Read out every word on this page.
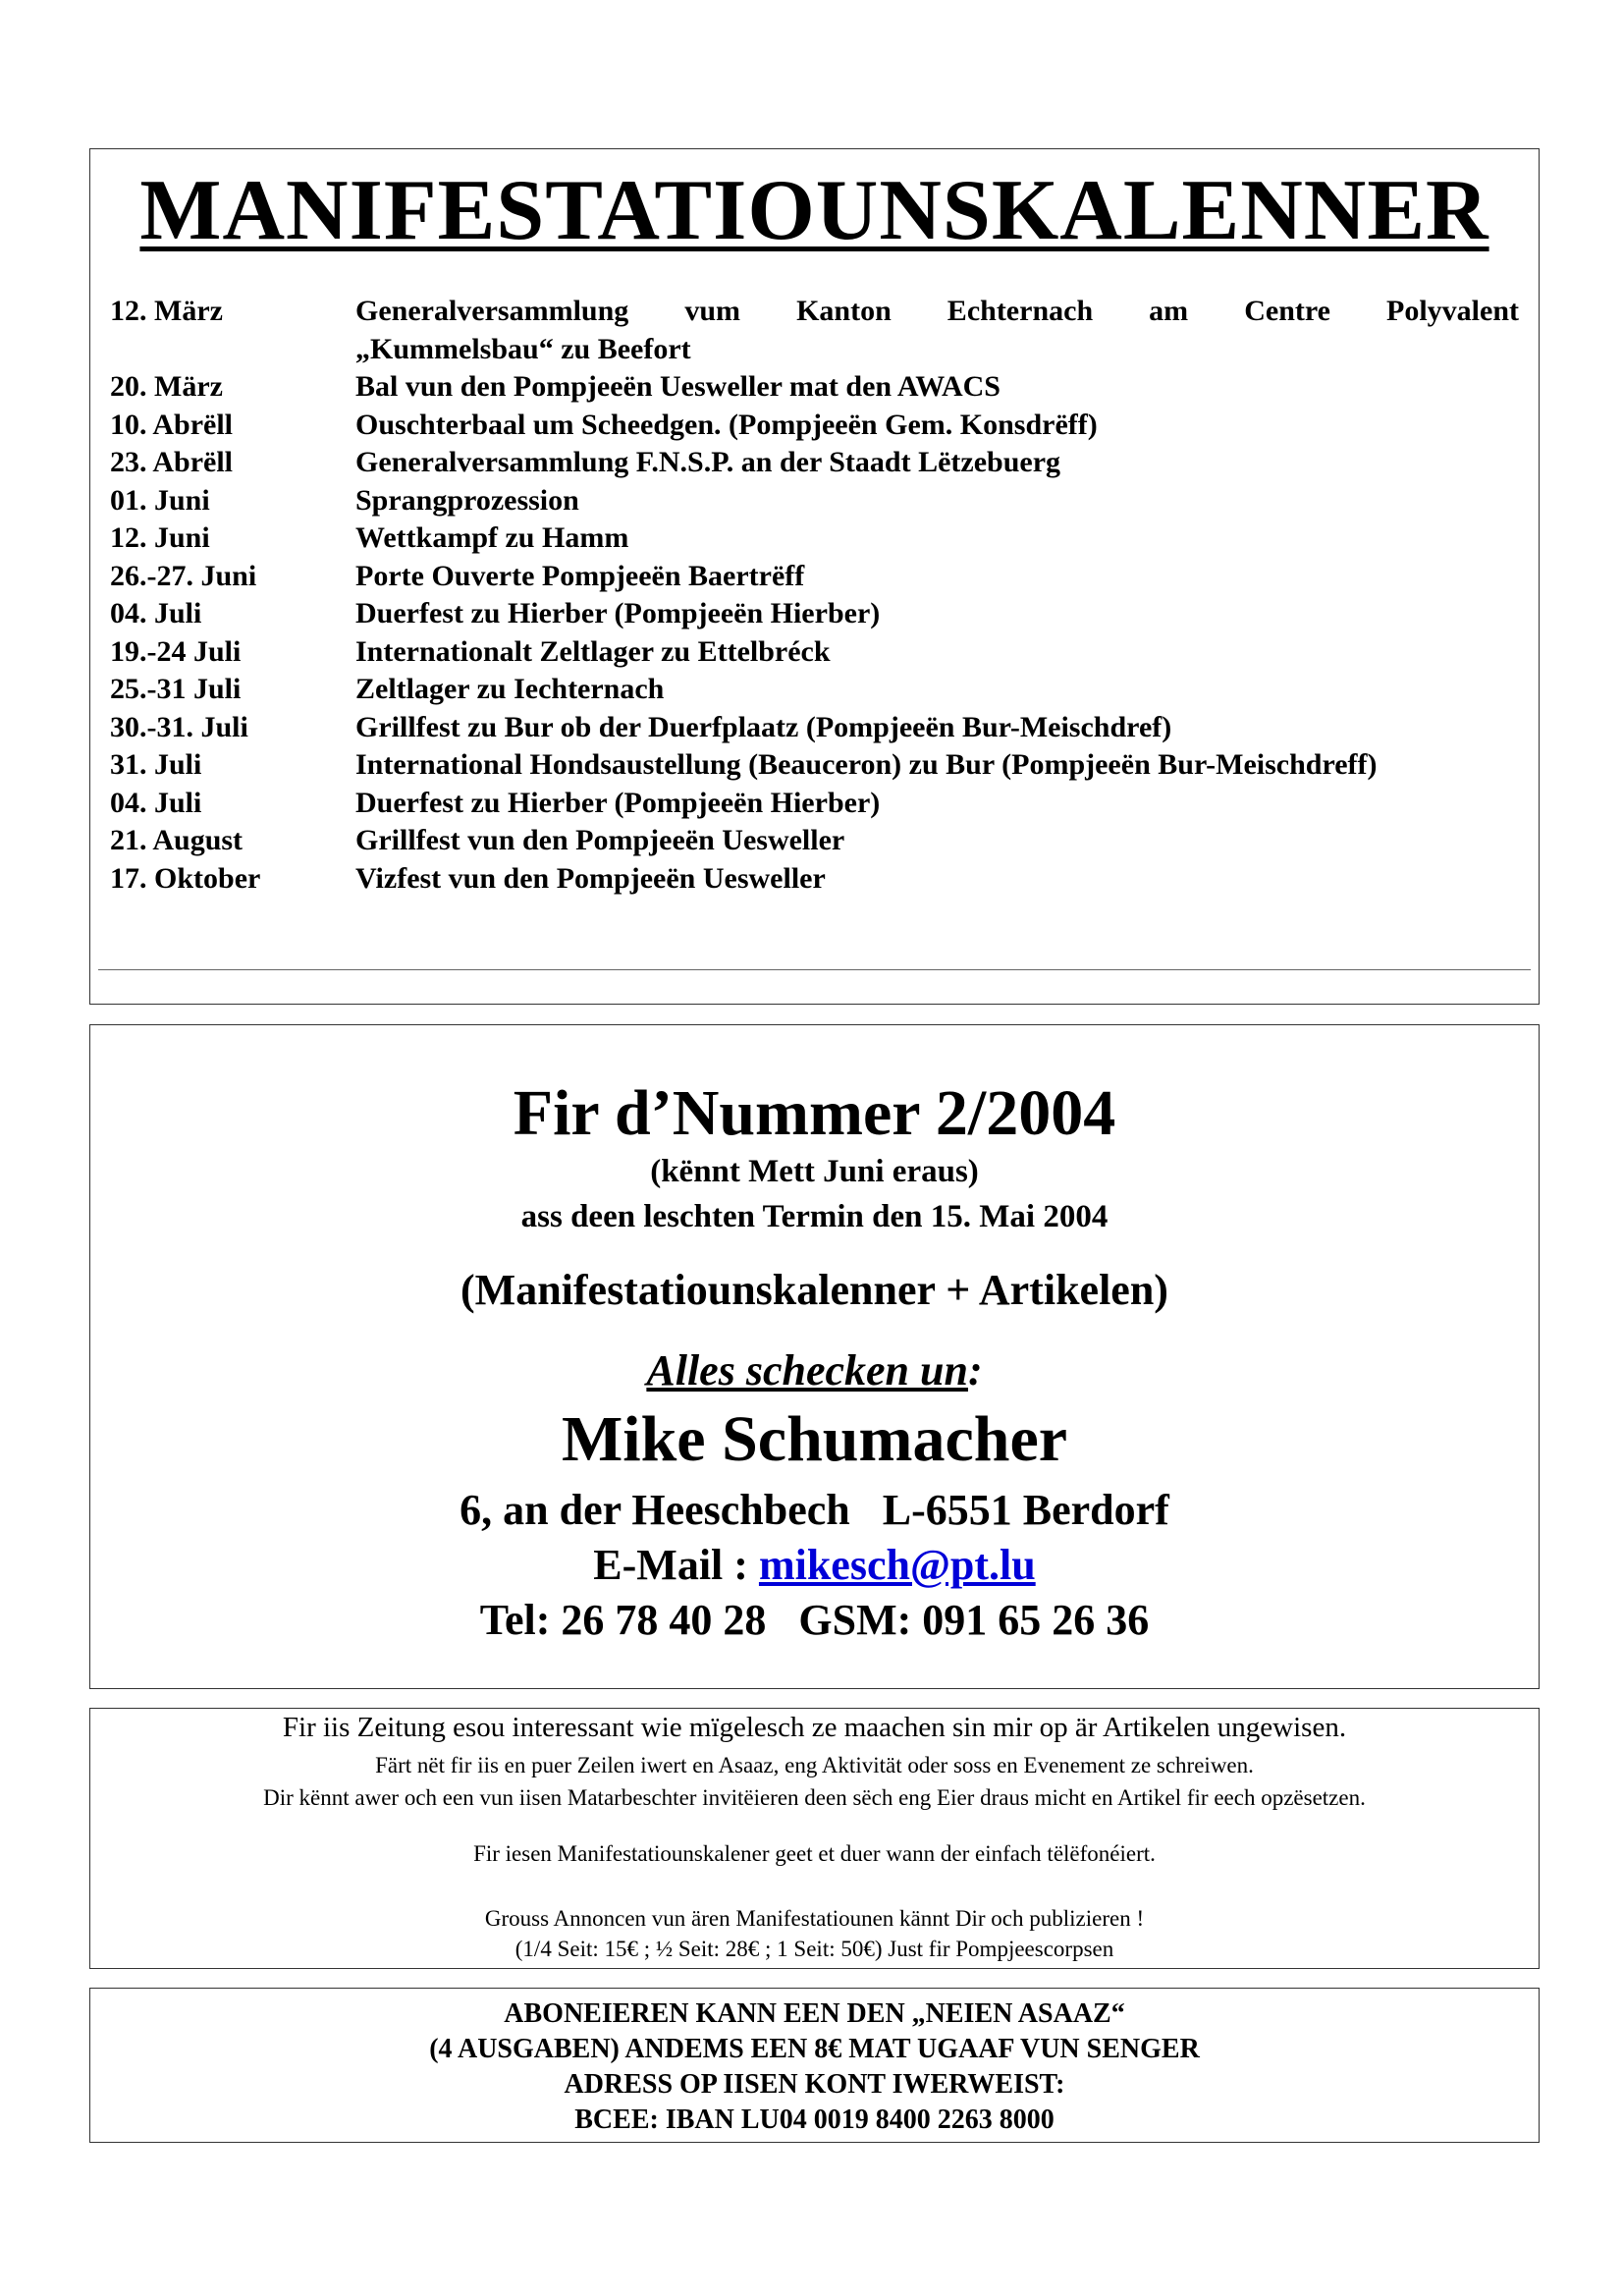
MANIFESTATIOUNSKALENNER
12. März	Generalversammlung vum Kanton Echternach am Centre Polyvalent
„Kummelsbau“ zu Beefort
20. März	Bal vun den Pompjeeën Uesweller mat den AWACS
10. Abrëll	Ouschterbaal um Scheedgen. (Pompjeeën Gem. Konsdrëff)
23. Abrëll	Generalversammlung F.N.S.P. an der Staadt Lëtzebuerg
01. Juni	Sprangprozession
12. Juni	Wettkampf zu Hamm
26.-27. Juni	Porte Ouverte Pompjeeën Baertrëff
04. Juli	Duerfest zu Hierber (Pompjeeën Hierber)
19.-24 Juli	Internationalt Zeltlager zu Ettelbréck
25.-31 Juli	Zeltlager zu Iechternach
30.-31. Juli	Grillfest zu Bur ob der Duerfplaatz (Pompjeeën Bur-Meischdref)
31. Juli	International Hondsaustellung (Beauceron) zu Bur (Pompjeeën Bur-Meischdreff)
04. Juli	Duerfest zu Hierber (Pompjeeën Hierber)
21. August	Grillfest vun den Pompjeeën Uesweller
17. Oktober	Vizfest vun den Pompjeeën Uesweller
Fir d’Nummer 2/2004
(kënnt Mett Juni eraus)
ass deen leschten Termin den 15. Mai 2004
(Manifestatiounskalenner + Artikelen)
Alles schecken un:
Mike Schumacher
6, an der Heeschbech   L-6551 Berdorf
E-Mail : mikesch@pt.lu
Tel: 26 78 40 28   GSM: 091 65 26 36
Fir iis Zeitung esou interessant wie mïgelesch ze maachen sin mir op är Artikelen ungewisen.
Färt nët fir iis en puer Zeilen iwert en Asaaz, eng Aktivität oder soss en Evenement ze schreiwen.
Dir kënnt awer och een vun iisen Matarbeschter invitëieren deen sëch eng Eier draus micht en Artikel fir eech opzësetzen.
Fir iesen Manifestatiounskalener geet et duer wann der einfach tëlëfonéiert.
Grouss Annoncen vun ären Manifestatiounen kännt Dir och publizieren !
(1/4 Seit: 15€ ; ½ Seit: 28€ ; 1 Seit: 50€) Just fir Pompjeescorpsen
ABONEIEREN KANN EEN DEN „NEIEN ASAAZ“
(4 AUSGABEN) ANDEMS EEN 8€ MAT UGAAF VUN SENGER
ADRESS OP IISEN KONT IWERWEIST:
BCEE: IBAN LU04 0019 8400 2263 8000
